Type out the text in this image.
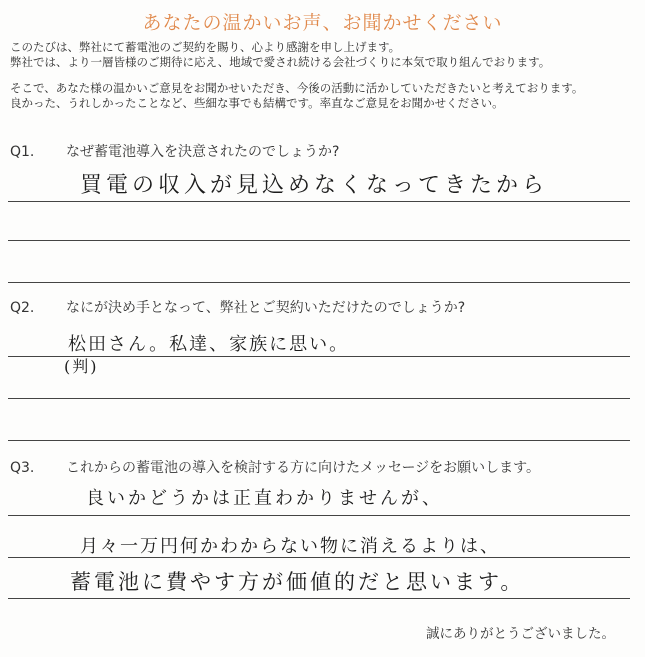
あなたの温かいお声、お聞かせください

このたびは、弊社にて蓄電池のご契約を賜り、心より感謝を申し上げます。

弊社では、より一層皆様のご期待に応え、地域で愛され続ける会社づくりに本気で取り組んでおります。

そこで、あなた様の温かいご意見をお聞かせいただき、今後の活動に活かしていただきたいと考えております。

良かった、うれしかったことなど、些細な事でも結構です。率直なご意見をお聞かせください。

Q1. なぜ蓄電池導入を決意されたのでしょうか?
買電の収入が見込めなくなってきたから
Q2. なにが決め手となって、弊社とご契約いただけたのでしょうか?
松田さん。私達、家族に思い。
(判)
Q3. これからの蓄電池の導入を検討する方に向けたメッセージをお願いします。
良いかどうかは正直わかりませんが、
月々一万円何かわからない物に消えるよりは、
蓄電池に費やす方が価値的だと思います。
誠にありがとうございました。
